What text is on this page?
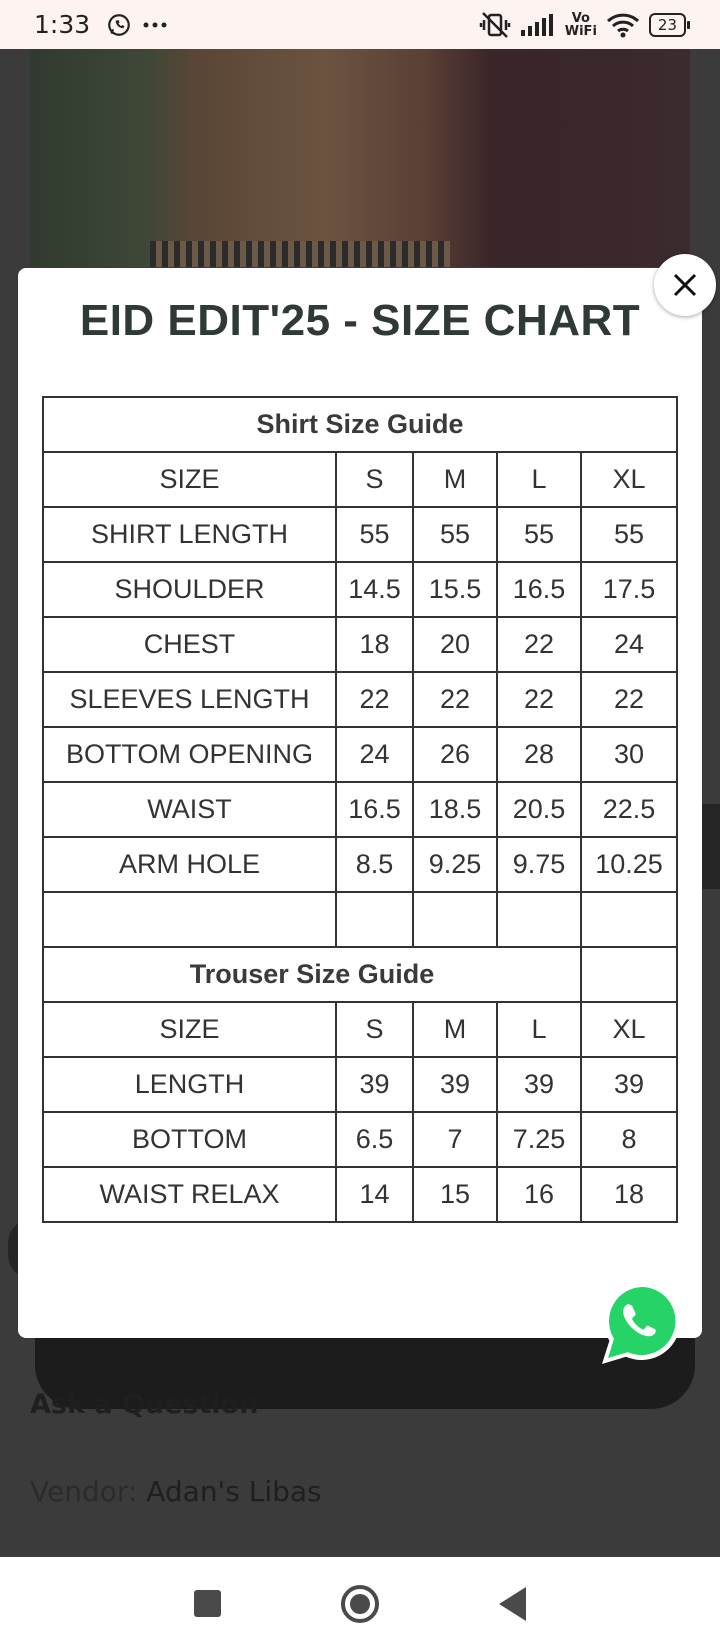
1:33	Vo
WiFi	23
Ask a Question
Vendor: Adan's Libas
EID EDIT'25 - SIZE CHART
Shirt Size Guide				
SIZE	S	M	L	XL
SHIRT LENGTH	55	55	55	55
SHOULDER	14.5	15.5	16.5	17.5
CHEST	18	20	22	24
SLEEVES LENGTH	22	22	22	22
BOTTOM OPENING	24	26	28	30
WAIST	16.5	18.5	20.5	22.5
ARM HOLE	8.5	9.25	9.75	10.25

Trouser Size Guide				
SIZE	S	M	L	XL
LENGTH	39	39	39	39
BOTTOM	6.5	7	7.25	8
WAIST RELAX	14	15	16	18
